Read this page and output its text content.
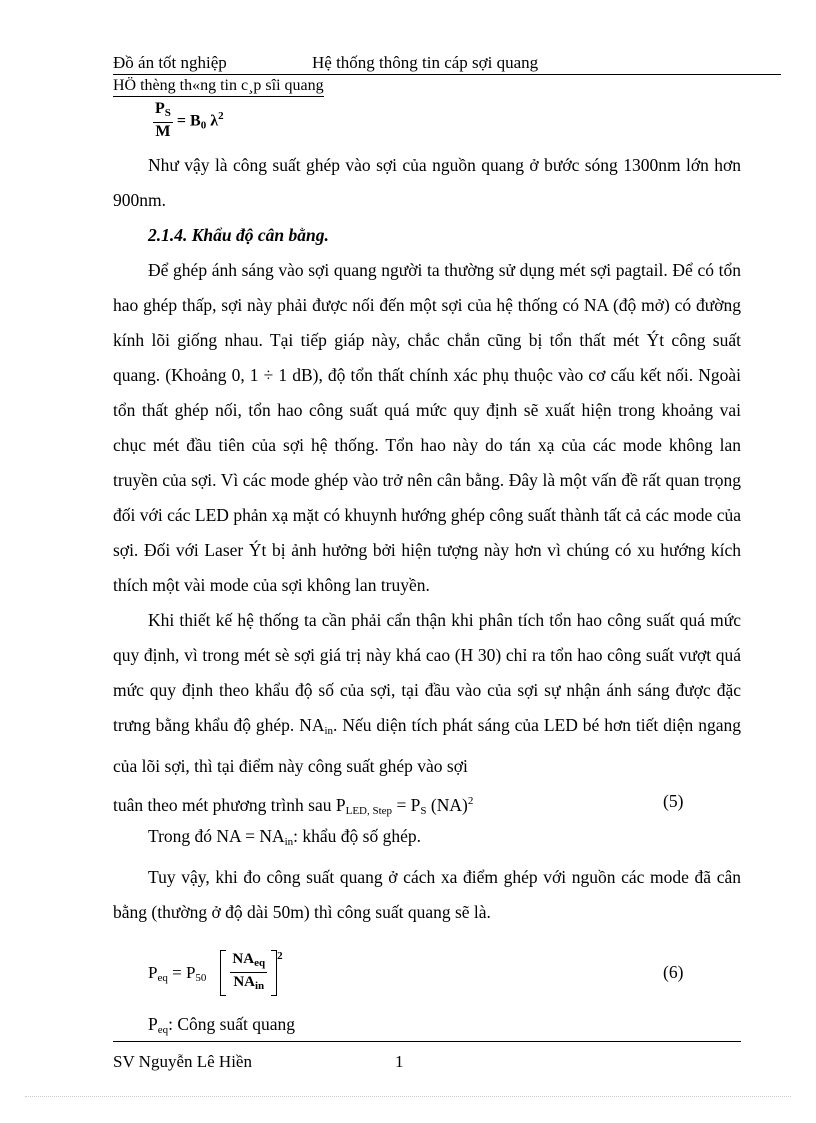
Đồ án tốt nghiệp	Hệ thống thông tin cáp sợi quang
HÖ thèng th«ng tin c¸p sîi quang
$\frac{P_S}{M} = B_0$ $\lambda^2$

Như vậy là công suất ghép vào sợi của nguồn quang ở bước sóng 1300nm lớn hơn 900nm.

2.1.4. Khẩu độ cân bằng.

Để ghép ánh sáng vào sợi quang người ta thường sử dụng mét sợi pagtail. Để có tổn hao ghép thấp, sợi này phải được nối đến một sợi của hệ thống có NA (độ mở) có đường kính lõi giống nhau. Tại tiếp giáp này, chắc chắn cũng bị tổn thất mét Ýt công suất quang. (Khoảng 0, 1 ÷ 1 dB), độ tổn thất chính xác phụ thuộc vào cơ cấu kết nối. Ngoài tổn thất ghép nối, tổn hao công suất quá mức quy định sẽ xuất hiện trong khoảng vai chục mét đầu tiên của sợi hệ thống. Tổn hao này do tán xạ của các mode không lan truyền của sợi. Vì các mode ghép vào trở nên cân bằng. Đây là một vấn đề rất quan trọng đối với các LED phản xạ mặt có khuynh hướng ghép công suất thành tất cả các mode của sợi. Đối với Laser Ýt bị ảnh hưởng bởi hiện tượng này hơn vì chúng có xu hướng kích thích một vài mode của sợi không lan truyền.

Khi thiết kế hệ thống ta cần phải cẩn thận khi phân tích tổn hao công suất quá mức quy định, vì trong mét sè sợi giá trị này khá cao (H 30) chỉ ra tổn hao công suất vượt quá mức quy định theo khẩu độ số của sợi, tại đầu vào của sợi sự nhận ánh sáng được đặc trưng bằng khẩu độ ghép. $NA_{in}$. Nếu diện tích phát sáng của LED bé hơn tiết diện ngang của lõi sợi, thì tại điểm này công suất ghép vào sợi

tuân theo mét phương trình sau $P_{LED, Step} = P_S$ (NA)$^2$	(5)

Trong đó NA = $NA_{in}$: khẩu độ số ghép.

Tuy vậy, khi đo công suất quang ở cách xa điểm ghép với nguồn các mode đã cân bằng (thường ở độ dài 50m) thì công suất quang sẽ là.

$P_{eq} = P_{50} \frac{NA_{eq}}{NA_{in}} ^2$
(6)

$P_{eq}$: Công suất quang

SV Nguyễn Lê Hiền	1
